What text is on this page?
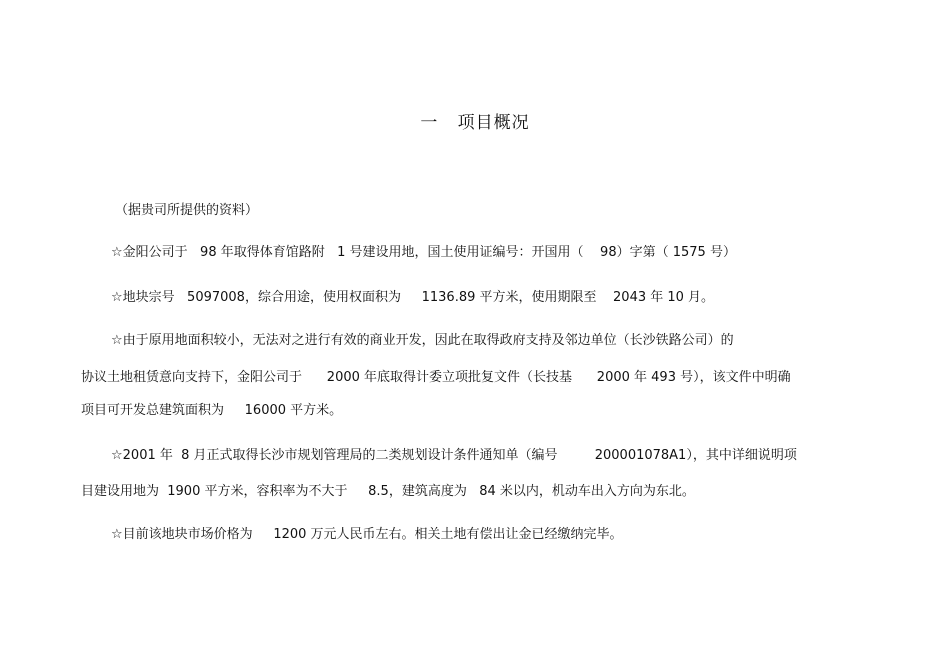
一   项目概况
（据贵司所提供的资料）
☆金阳公司于   98 年取得体育馆路附   1 号建设用地，国土使用证编号：开国用（    98）字第（ 1575 号）
☆地块宗号   5097008，综合用途，使用权面积为     1136.89 平方米，使用期限至    2043 年 10 月。
☆由于原用地面积较小，无法对之进行有效的商业开发，因此在取得政府支持及邻边单位（长沙铁路公司）的
协议土地租赁意向支持下，金阳公司于      2000 年底取得计委立项批复文件（长技基      2000 年 493 号），该文件中明确
项目可开发总建筑面积为     16000 平方米。
☆2001 年  8 月正式取得长沙市规划管理局的二类规划设计条件通知单（编号         200001078A1），其中详细说明项
目建设用地为  1900 平方米，容积率为不大于     8.5，建筑高度为   84 米以内，机动车出入方向为东北。
☆目前该地块市场价格为     1200 万元人民币左右。相关土地有偿出让金已经缴纳完毕。
